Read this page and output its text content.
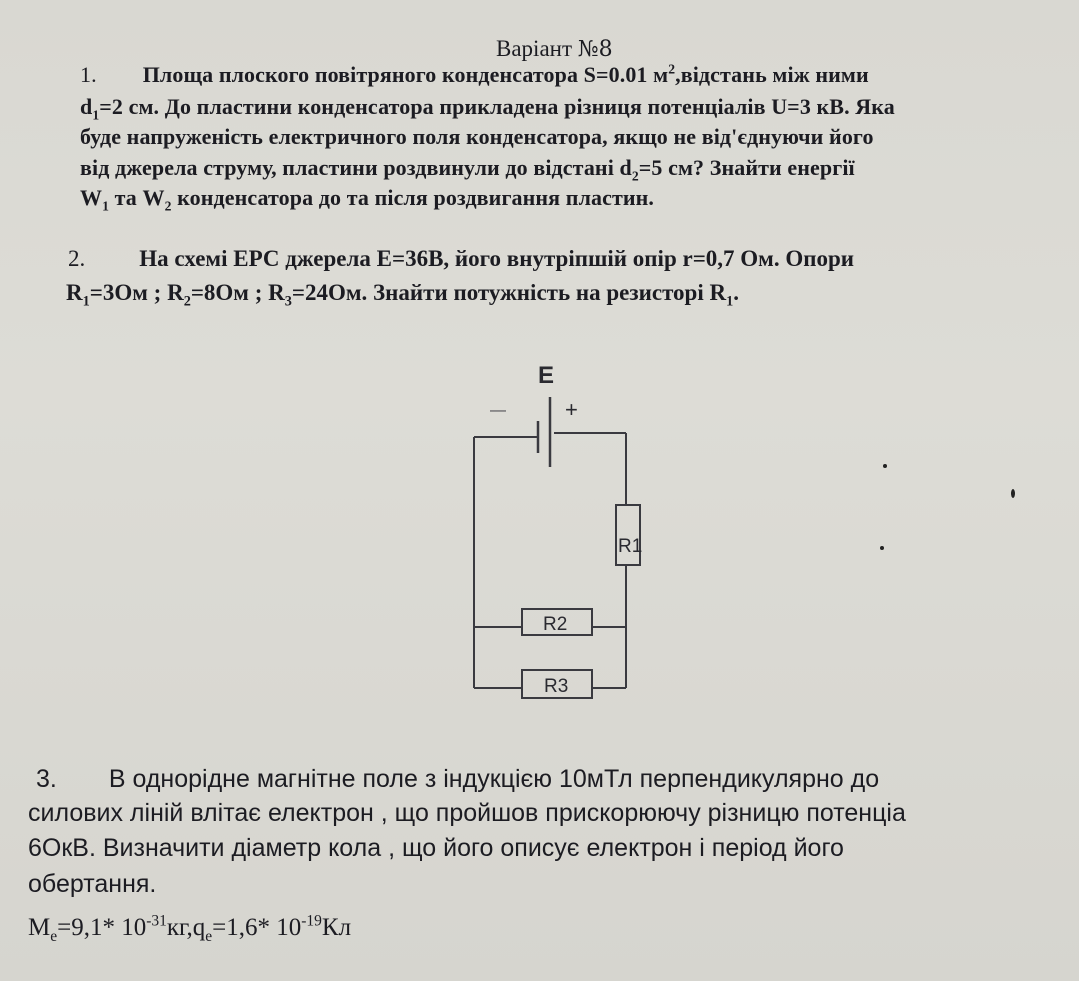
Варіант №8
1. Площа плоского повітряного конденсатора S=0.01 $м^2,відстань$ між ними
$d_1=2$ см. До пластини конденсатора прикладена різниця потенціалів U=3 кВ. Яка
буде напруженість електричного поля конденсатора, якщо не від'єднуючи його
від джерела струму, пластини роздвинули до відстані $d_2=5$ см? Знайти енергії
$W_1$ та $W_2$ конденсатора до та після роздвигання пластин.
2. На схемі ЕРС джерела Е=36В, його внутріпшій опір r=0,7 Ом. Опори
$R_1=3Ом$ ; $R_2=8Ом$ ; $R_3=24Ом$. Знайти потужність на резисторі $R_1$.
E
—	+
R1
R2
R3
3. В однорідне магнітне поле з індукцією 10мТл перпендикулярно до
силових ліній влітає електрон , що пройшов прискорюючу різницю потенціа
6ОкВ. Визначити діаметр кола , що його описує електрон і період його
обертання.
$M_e=9,1*$ $10^{-31}кг,q_e=1,6*$ $10^{-19}Кл$
